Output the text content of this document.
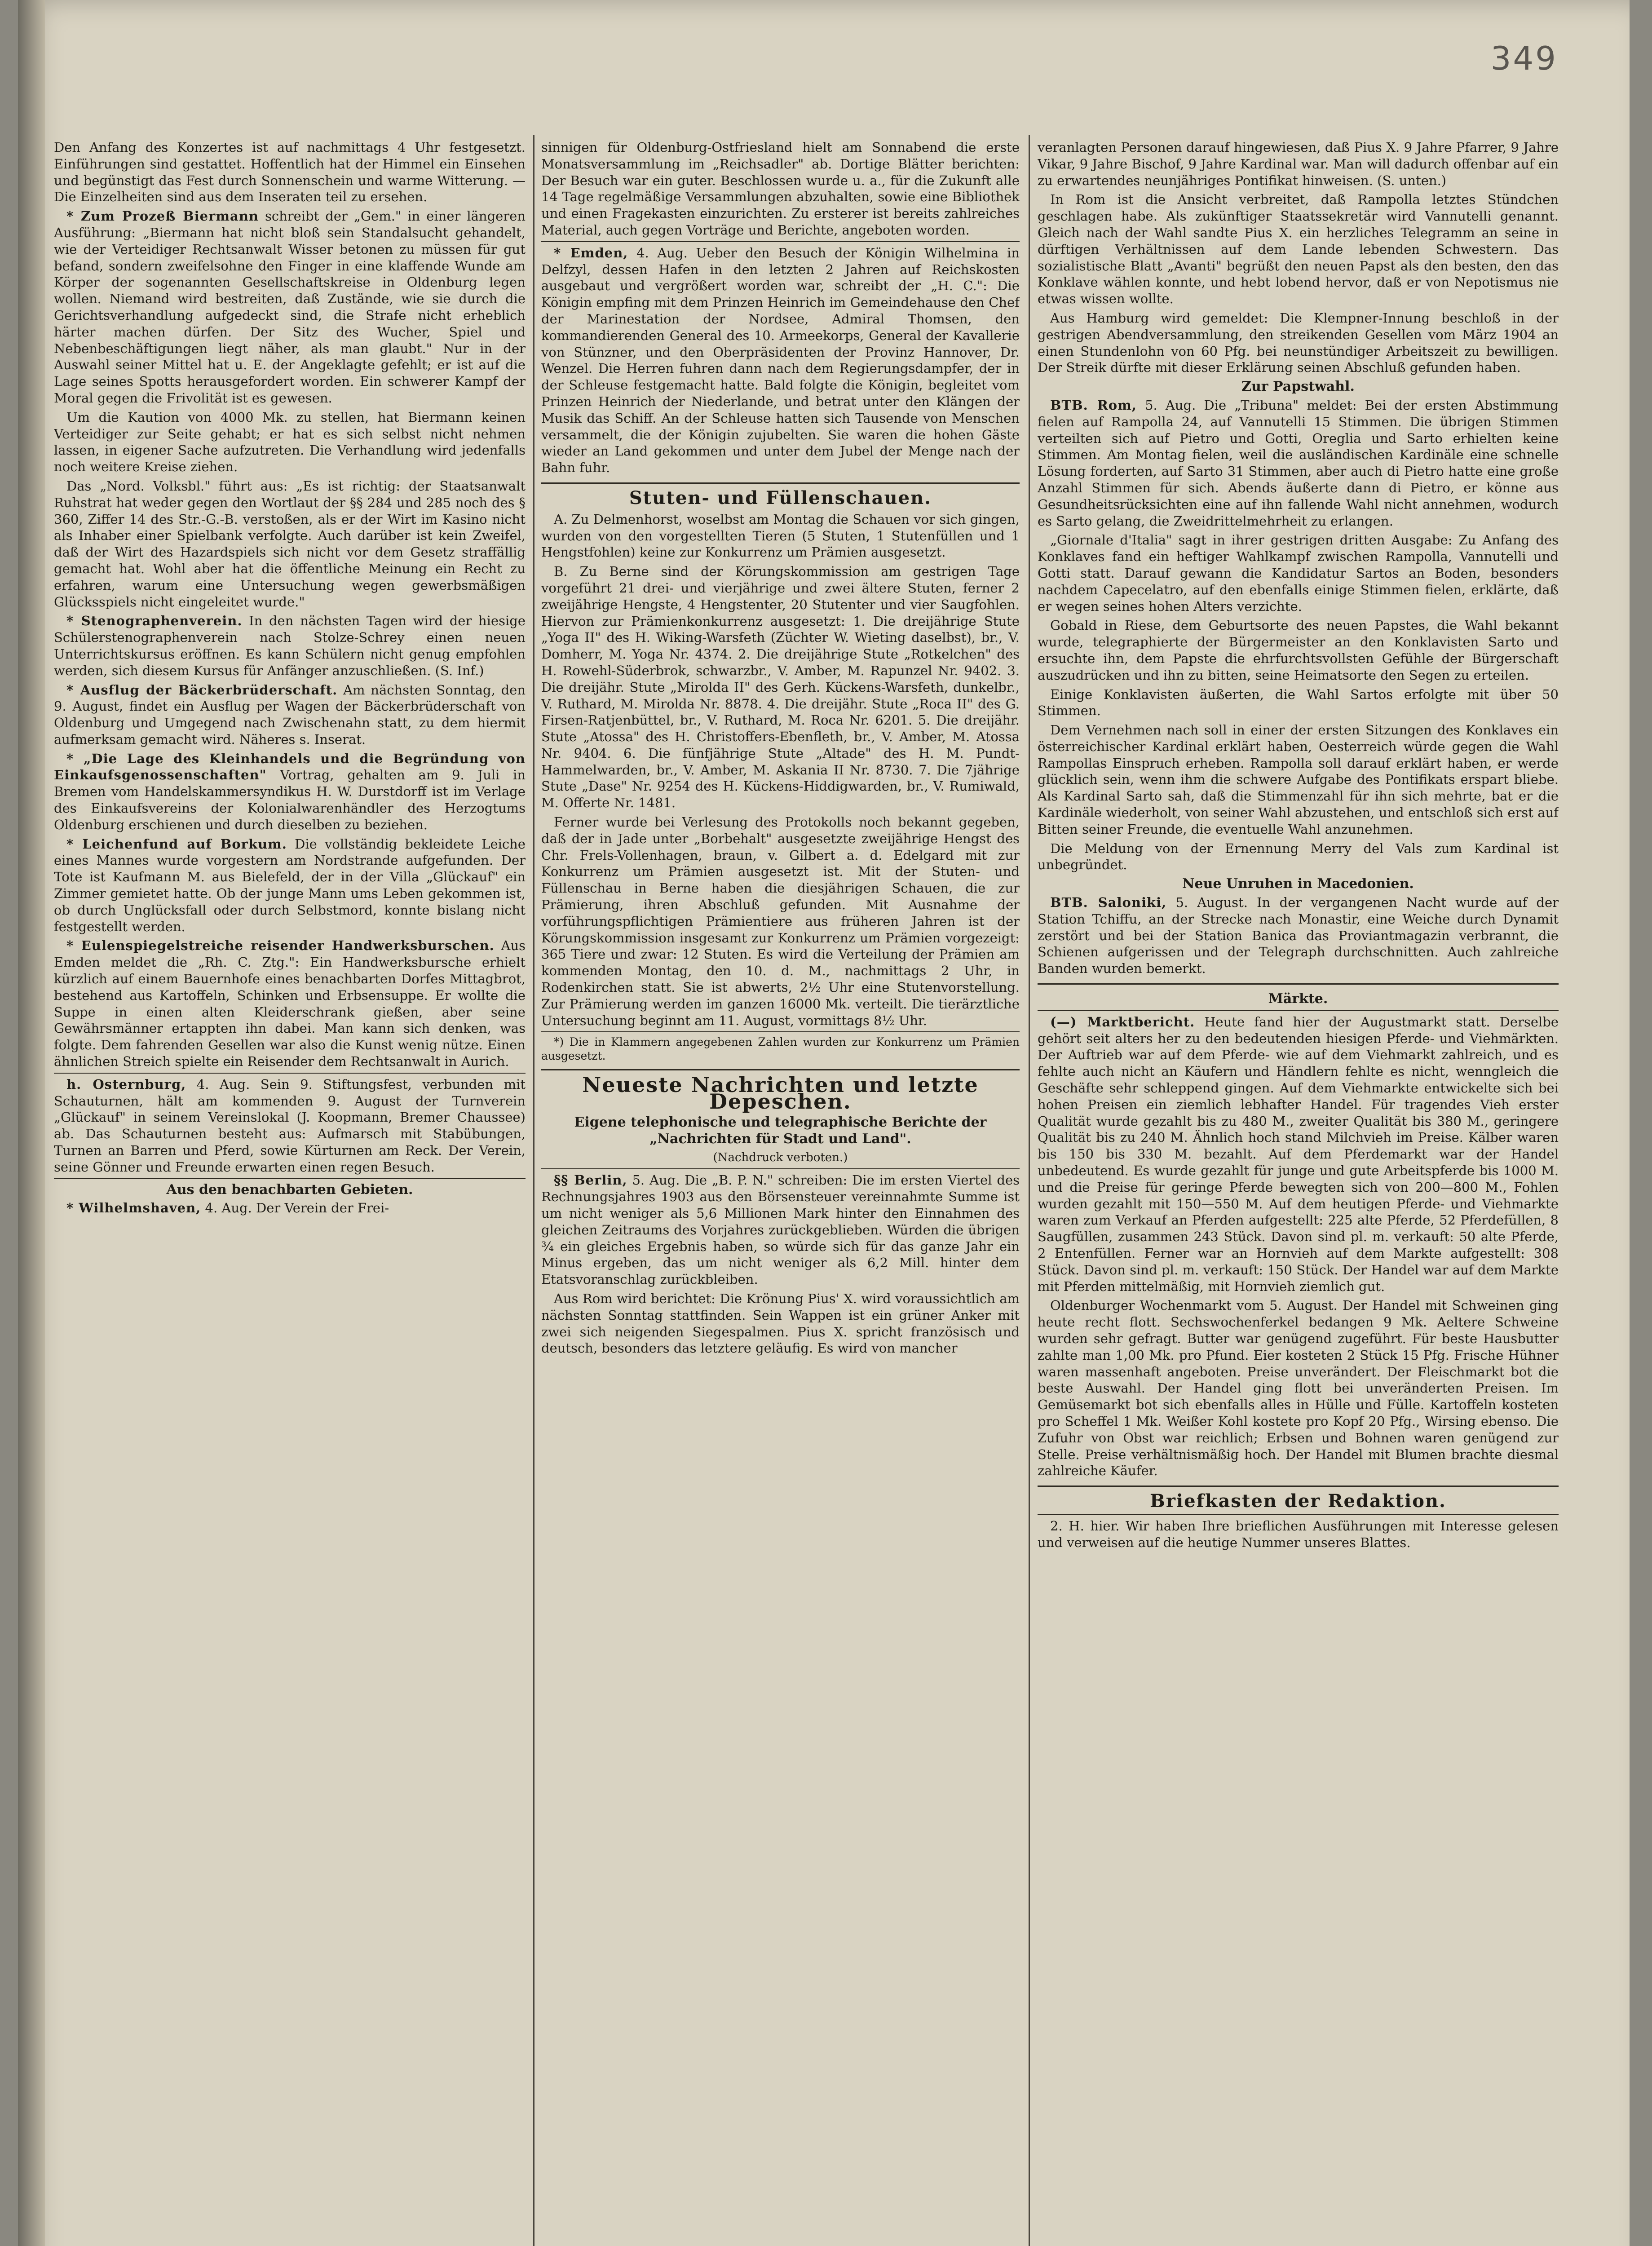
349

Den Anfang des Konzertes ist auf nachmittags 4 Uhr festgesetzt. Einführungen sind gestattet. Hoffentlich hat der Himmel ein Einsehen und begünstigt das Fest durch Sonnenschein und warme Witterung. — Die Einzelheiten sind aus dem Inseraten teil zu ersehen.

* Zum Prozeß Biermann schreibt der „Gem." in einer längeren Ausführung: „Biermann hat nicht bloß sein Standalsucht gehandelt, wie der Verteidiger Rechtsanwalt Wisser betonen zu müssen für gut befand, sondern zweifelsohne den Finger in eine klaffende Wunde am Körper der sogenannten Gesellschaftskreise in Oldenburg legen wollen. Niemand wird bestreiten, daß Zustände, wie sie durch die Gerichtsverhandlung aufgedeckt sind, die Strafe nicht erheblich härter machen dürfen. Der Sitz des Wucher, Spiel und Nebenbeschäftigungen liegt näher, als man glaubt." Nur in der Auswahl seiner Mittel hat u. E. der Angeklagte gefehlt; er ist auf die Lage seines Spotts herausgefordert worden. Ein schwerer Kampf der Moral gegen die Frivolität ist es gewesen.

Um die Kaution von 4000 Mk. zu stellen, hat Biermann keinen Verteidiger zur Seite gehabt; er hat es sich selbst nicht nehmen lassen, in eigener Sache aufzutreten. Die Verhandlung wird jedenfalls noch weitere Kreise ziehen.

Das „Nord. Volksbl." führt aus: „Es ist richtig: der Staatsanwalt Ruhstrat hat weder gegen den Wortlaut der §§ 284 und 285 noch des § 360, Ziffer 14 des Str.-G.-B. verstoßen, als er der Wirt im Kasino nicht als Inhaber einer Spielbank verfolgte. Auch darüber ist kein Zweifel, daß der Wirt des Hazardspiels sich nicht vor dem Gesetz straffällig gemacht hat. Wohl aber hat die öffentliche Meinung ein Recht zu erfahren, warum eine Untersuchung wegen gewerbsmäßigen Glücksspiels nicht eingeleitet wurde."

* Stenographenverein. In den nächsten Tagen wird der hiesige Schülerstenographenverein nach Stolze-Schrey einen neuen Unterrichtskursus eröffnen. Es kann Schülern nicht genug empfohlen werden, sich diesem Kursus für Anfänger anzuschließen. (S. Inf.)

* Ausflug der Bäckerbrüderschaft. Am nächsten Sonntag, den 9. August, findet ein Ausflug per Wagen der Bäckerbrüderschaft von Oldenburg und Umgegend nach Zwischenahn statt, zu dem hiermit aufmerksam gemacht wird. Näheres s. Inserat.

* „Die Lage des Kleinhandels und die Begründung von Einkaufsgenossenschaften" Vortrag, gehalten am 9. Juli in Bremen vom Handelskammersyndikus H. W. Durstdorff ist im Verlage des Einkaufsvereins der Kolonialwarenhändler des Herzogtums Oldenburg erschienen und durch dieselben zu beziehen.

* Leichenfund auf Borkum. Die vollständig bekleidete Leiche eines Mannes wurde vorgestern am Nordstrande aufgefunden. Der Tote ist Kaufmann M. aus Bielefeld, der in der Villa „Glückauf" ein Zimmer gemietet hatte. Ob der junge Mann ums Leben gekommen ist, ob durch Unglücksfall oder durch Selbstmord, konnte bislang nicht festgestellt werden.

* Eulenspiegelstreiche reisender Handwerksburschen. Aus Emden meldet die „Rh. C. Ztg.": Ein Handwerksbursche erhielt kürzlich auf einem Bauernhofe eines benachbarten Dorfes Mittagbrot, bestehend aus Kartoffeln, Schinken und Erbsensuppe. Er wollte die Suppe in einen alten Kleiderschrank gießen, aber seine Gewährsmänner ertappten ihn dabei. Man kann sich denken, was folgte. Dem fahrenden Gesellen war also die Kunst wenig nütze. Einen ähnlichen Streich spielte ein Reisender dem Rechtsanwalt in Aurich.

h. Osternburg, 4. Aug. Sein 9. Stiftungsfest, verbunden mit Schauturnen, hält am kommenden 9. August der Turnverein „Glückauf" in seinem Vereinslokal (J. Koopmann, Bremer Chaussee) ab. Das Schauturnen besteht aus: Aufmarsch mit Stabübungen, Turnen an Barren und Pferd, sowie Kürturnen am Reck. Der Verein, seine Gönner und Freunde erwarten einen regen Besuch.

Aus den benachbarten Gebieten.

* Wilhelmshaven, 4. Aug. Der Verein der Frei-

sinnigen für Oldenburg-Ostfriesland hielt am Sonnabend die erste Monatsversammlung im „Reichsadler" ab. Dortige Blätter berichten: Der Besuch war ein guter. Beschlossen wurde u. a., für die Zukunft alle 14 Tage regelmäßige Versammlungen abzuhalten, sowie eine Bibliothek und einen Fragekasten einzurichten. Zu ersterer ist bereits zahlreiches Material, auch gegen Vorträge und Berichte, angeboten worden.

* Emden, 4. Aug. Ueber den Besuch der Königin Wilhelmina in Delfzyl, dessen Hafen in den letzten 2 Jahren auf Reichskosten ausgebaut und vergrößert worden war, schreibt der „H. C.": Die Königin empfing mit dem Prinzen Heinrich im Gemeindehause den Chef der Marinestation der Nordsee, Admiral Thomsen, den kommandierenden General des 10. Armeekorps, General der Kavallerie von Stünzner, und den Oberpräsidenten der Provinz Hannover, Dr. Wenzel. Die Herren fuhren dann nach dem Regierungsdampfer, der in der Schleuse festgemacht hatte. Bald folgte die Königin, begleitet vom Prinzen Heinrich der Niederlande, und betrat unter den Klängen der Musik das Schiff. An der Schleuse hatten sich Tausende von Menschen versammelt, die der Königin zujubelten. Sie waren die hohen Gäste wieder an Land gekommen und unter dem Jubel der Menge nach der Bahn fuhr.

Stuten- und Füllenschauen.

A. Zu Delmenhorst, woselbst am Montag die Schauen vor sich gingen, wurden von den vorgestellten Tieren (5 Stuten, 1 Stutenfüllen und 1 Hengstfohlen) keine zur Konkurrenz um Prämien ausgesetzt.

B. Zu Berne sind der Körungskommission am gestrigen Tage vorgeführt 21 drei- und vierjährige und zwei ältere Stuten, ferner 2 zweijährige Hengste, 4 Hengstenter, 20 Stutenter und vier Saugfohlen. Hiervon zur Prämienkonkurrenz ausgesetzt: 1. Die dreijährige Stute „Yoga II" des H. Wiking-Warsfeth (Züchter W. Wieting daselbst), br., V. Domherr, M. Yoga Nr. 4374. 2. Die dreijährige Stute „Rotkelchen" des H. Rowehl-Süderbrok, schwarzbr., V. Amber, M. Rapunzel Nr. 9402. 3. Die dreijähr. Stute „Mirolda II" des Gerh. Kückens-Warsfeth, dunkelbr., V. Ruthard, M. Mirolda Nr. 8878. 4. Die dreijähr. Stute „Roca II" des G. Firsen-Ratjenbüttel, br., V. Ruthard, M. Roca Nr. 6201. 5. Die dreijähr. Stute „Atossa" des H. Christoffers-Ebenfleth, br., V. Amber, M. Atossa Nr. 9404. 6. Die fünfjährige Stute „Altade" des H. M. Pundt-Hammelwarden, br., V. Amber, M. Askania II Nr. 8730. 7. Die 7jährige Stute „Dase" Nr. 9254 des H. Kückens-Hiddigwarden, br., V. Rumiwald, M. Offerte Nr. 1481.

Ferner wurde bei Verlesung des Protokolls noch bekannt gegeben, daß der in Jade unter „Borbehalt" ausgesetzte zweijährige Hengst des Chr. Frels-Vollenhagen, braun, v. Gilbert a. d. Edelgard mit zur Konkurrenz um Prämien ausgesetzt ist. Mit der Stuten- und Füllenschau in Berne haben die diesjährigen Schauen, die zur Prämierung, ihren Abschluß gefunden. Mit Ausnahme der vorführungspflichtigen Prämientiere aus früheren Jahren ist der Körungskommission insgesamt zur Konkurrenz um Prämien vorgezeigt: 365 Tiere und zwar: 12 Stuten. Es wird die Verteilung der Prämien am kommenden Montag, den 10. d. M., nachmittags 2 Uhr, in Rodenkirchen statt. Sie ist abwerts, 2½ Uhr eine Stutenvorstellung. Zur Prämierung werden im ganzen 16000 Mk. verteilt. Die tierärztliche Untersuchung beginnt am 11. August, vormittags 8½ Uhr.

*) Die in Klammern angegebenen Zahlen wurden zur Konkurrenz um Prämien ausgesetzt.

Neueste Nachrichten und letzte Depeschen.
Eigene telephonische und telegraphische Berichte der „Nachrichten für Stadt und Land".
(Nachdruck verboten.)

§§ Berlin, 5. Aug. Die „B. P. N." schreiben: Die im ersten Viertel des Rechnungsjahres 1903 aus den Börsensteuer vereinnahmte Summe ist um nicht weniger als 5,6 Millionen Mark hinter den Einnahmen des gleichen Zeitraums des Vorjahres zurückgeblieben. Würden die übrigen ¾ ein gleiches Ergebnis haben, so würde sich für das ganze Jahr ein Minus ergeben, das um nicht weniger als 6,2 Mill. hinter dem Etatsvoranschlag zurückbleiben.

Aus Rom wird berichtet: Die Krönung Pius' X. wird voraussichtlich am nächsten Sonntag stattfinden. Sein Wappen ist ein grüner Anker mit zwei sich neigenden Siegespalmen. Pius X. spricht französisch und deutsch, besonders das letztere geläufig. Es wird von mancher

veranlagten Personen darauf hingewiesen, daß Pius X. 9 Jahre Pfarrer, 9 Jahre Vikar, 9 Jahre Bischof, 9 Jahre Kardinal war. Man will dadurch offenbar auf ein zu erwartendes neunjähriges Pontifikat hinweisen. (S. unten.)

In Rom ist die Ansicht verbreitet, daß Rampolla letztes Stündchen geschlagen habe. Als zukünftiger Staatssekretär wird Vannutelli genannt. Gleich nach der Wahl sandte Pius X. ein herzliches Telegramm an seine in dürftigen Verhältnissen auf dem Lande lebenden Schwestern. Das sozialistische Blatt „Avanti" begrüßt den neuen Papst als den besten, den das Konklave wählen konnte, und hebt lobend hervor, daß er von Nepotismus nie etwas wissen wollte.

Aus Hamburg wird gemeldet: Die Klempner-Innung beschloß in der gestrigen Abendversammlung, den streikenden Gesellen vom März 1904 an einen Stundenlohn von 60 Pfg. bei neunstündiger Arbeitszeit zu bewilligen. Der Streik dürfte mit dieser Erklärung seinen Abschluß gefunden haben.

Zur Papstwahl.

BTB. Rom, 5. Aug. Die „Tribuna" meldet: Bei der ersten Abstimmung fielen auf Rampolla 24, auf Vannutelli 15 Stimmen. Die übrigen Stimmen verteilten sich auf Pietro und Gotti, Oreglia und Sarto erhielten keine Stimmen. Am Montag fielen, weil die ausländischen Kardinäle eine schnelle Lösung forderten, auf Sarto 31 Stimmen, aber auch di Pietro hatte eine große Anzahl Stimmen für sich. Abends äußerte dann di Pietro, er könne aus Gesundheitsrücksichten eine auf ihn fallende Wahl nicht annehmen, wodurch es Sarto gelang, die Zweidrittelmehrheit zu erlangen.

„Giornale d'Italia" sagt in ihrer gestrigen dritten Ausgabe: Zu Anfang des Konklaves fand ein heftiger Wahlkampf zwischen Rampolla, Vannutelli und Gotti statt. Darauf gewann die Kandidatur Sartos an Boden, besonders nachdem Capecelatro, auf den ebenfalls einige Stimmen fielen, erklärte, daß er wegen seines hohen Alters verzichte.

Gobald in Riese, dem Geburtsorte des neuen Papstes, die Wahl bekannt wurde, telegraphierte der Bürgermeister an den Konklavisten Sarto und ersuchte ihn, dem Papste die ehrfurchtsvollsten Gefühle der Bürgerschaft auszudrücken und ihn zu bitten, seine Heimatsorte den Segen zu erteilen.

Einige Konklavisten äußerten, die Wahl Sartos erfolgte mit über 50 Stimmen.

Dem Vernehmen nach soll in einer der ersten Sitzungen des Konklaves ein österreichischer Kardinal erklärt haben, Oesterreich würde gegen die Wahl Rampollas Einspruch erheben. Rampolla soll darauf erklärt haben, er werde glücklich sein, wenn ihm die schwere Aufgabe des Pontifikats erspart bliebe. Als Kardinal Sarto sah, daß die Stimmenzahl für ihn sich mehrte, bat er die Kardinäle wiederholt, von seiner Wahl abzustehen, und entschloß sich erst auf Bitten seiner Freunde, die eventuelle Wahl anzunehmen.

Die Meldung von der Ernennung Merry del Vals zum Kardinal ist unbegründet.

Neue Unruhen in Macedonien.

BTB. Saloniki, 5. August. In der vergangenen Nacht wurde auf der Station Tchiffu, an der Strecke nach Monastir, eine Weiche durch Dynamit zerstört und bei der Station Banica das Proviantmagazin verbrannt, die Schienen aufgerissen und der Telegraph durchschnitten. Auch zahlreiche Banden wurden bemerkt.

Märkte.

(—) Marktbericht. Heute fand hier der Augustmarkt statt. Derselbe gehört seit alters her zu den bedeutenden hiesigen Pferde- und Viehmärkten. Der Auftrieb war auf dem Pferde- wie auf dem Viehmarkt zahlreich, und es fehlte auch nicht an Käufern und Händlern fehlte es nicht, wenngleich die Geschäfte sehr schleppend gingen. Auf dem Viehmarkte entwickelte sich bei hohen Preisen ein ziemlich lebhafter Handel. Für tragendes Vieh erster Qualität wurde gezahlt bis zu 480 M., zweiter Qualität bis 380 M., geringere Qualität bis zu 240 M. Ähnlich hoch stand Milchvieh im Preise. Kälber waren bis 150 bis 330 M. bezahlt. Auf dem Pferdemarkt war der Handel unbedeutend. Es wurde gezahlt für junge und gute Arbeitspferde bis 1000 M. und die Preise für geringe Pferde bewegten sich von 200—800 M., Fohlen wurden gezahlt mit 150—550 M. Auf dem heutigen Pferde- und Viehmarkte waren zum Verkauf an Pferden aufgestellt: 225 alte Pferde, 52 Pferdefüllen, 8 Saugfüllen, zusammen 243 Stück. Davon sind pl. m. verkauft: 50 alte Pferde, 2 Entenfüllen. Ferner war an Hornvieh auf dem Markte aufgestellt: 308 Stück. Davon sind pl. m. verkauft: 150 Stück. Der Handel war auf dem Markte mit Pferden mittelmäßig, mit Hornvieh ziemlich gut.

Oldenburger Wochenmarkt vom 5. August. Der Handel mit Schweinen ging heute recht flott. Sechswochenferkel bedangen 9 Mk. Aeltere Schweine wurden sehr gefragt. Butter war genügend zugeführt. Für beste Hausbutter zahlte man 1,00 Mk. pro Pfund. Eier kosteten 2 Stück 15 Pfg. Frische Hühner waren massenhaft angeboten. Preise unverändert. Der Fleischmarkt bot die beste Auswahl. Der Handel ging flott bei unveränderten Preisen. Im Gemüsemarkt bot sich ebenfalls alles in Hülle und Fülle. Kartoffeln kosteten pro Scheffel 1 Mk. Weißer Kohl kostete pro Kopf 20 Pfg., Wirsing ebenso. Die Zufuhr von Obst war reichlich; Erbsen und Bohnen waren genügend zur Stelle. Preise verhältnismäßig hoch. Der Handel mit Blumen brachte diesmal zahlreiche Käufer.

Briefkasten der Redaktion.

2. H. hier. Wir haben Ihre brieflichen Ausführungen mit Interesse gelesen und verweisen auf die heutige Nummer unseres Blattes.
